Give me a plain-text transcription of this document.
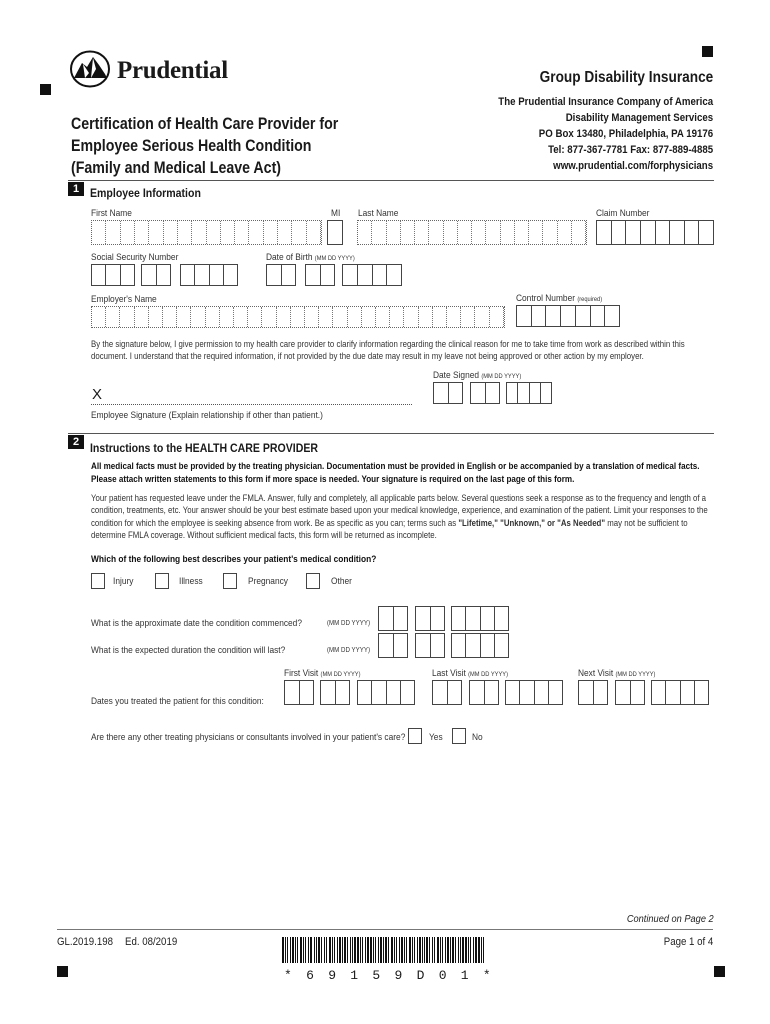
Prudential	Group Disability Insurance
The Prudential Insurance Company of America
Disability Management Services
PO Box 13480, Philadelphia, PA 19176
Tel: 877-367-7781 Fax: 877-889-4885
www.prudential.com/forphysicians
Certification of Health Care Provider for
Employee Serious Health Condition
(Family and Medical Leave Act)
1 Employee Information
First Name	MI Last Name	Claim Number
Social Security Number	Date of Birth (MM DD YYYY)
Employer's Name	Control Number (required)
By the signature below, I give permission to my health care provider to clarify information regarding the clinical reason for me to take time from work as described within this document. I understand that the required information, if not provided by the due date may result in my leave not being approved or other action by my employer.
Date Signed (MM DD YYYY)
X
Employee Signature (Explain relationship if other than patient.)
2 Instructions to the HEALTH CARE PROVIDER
All medical facts must be provided by the treating physician. Documentation must be provided in English or be accompanied by a translation of medical facts. Please attach written statements to this form if more space is needed. Your signature is required on the last page of this form.
Your patient has requested leave under the FMLA. Answer, fully and completely, all applicable parts below. Several questions seek a response as to the frequency and length of a condition, treatments, etc. Your answer should be your best estimate based upon your medical knowledge, experience, and examination of the patient. Limit your responses to the condition for which the employee is seeking absence from work. Be as specific as you can; terms such as "Lifetime," "Unknown," or "As Needed" may not be sufficient to determine FMLA coverage. Without sufficient medical facts, this form will be returned as incomplete.
Which of the following best describes your patient's medical condition?
Injury	Illness	Pregnancy	Other
What is the approximate date the condition commenced?	(MM DD YYYY)
What is the expected duration the condition will last?	(MM DD YYYY)
First Visit (MM DD YYYY)	Last Visit (MM DD YYYY)	Next Visit (MM DD YYYY)
Dates you treated the patient for this condition:
Are there any other treating physicians or consultants involved in your patient's care? Yes	No
Continued on Page 2
GL.2019.198 Ed. 08/2019	Page 1 of 4
*69159D01*
